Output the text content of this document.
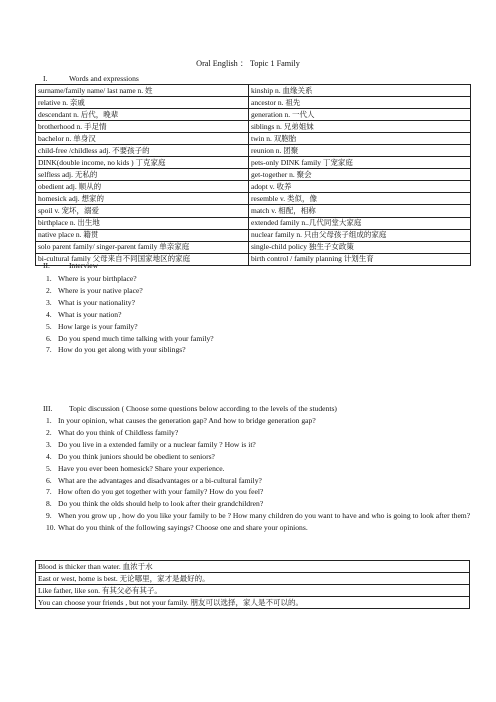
Oral English ： Topic 1 Family
I.	Words and expressions
surname/family name/ last name n. 姓	kinship n. 血缘关系
relative n. 亲戚	ancestor n. 祖先
descendant n. 后代，晚辈	generation n. 一代人
brotherhood n. 手足情	siblings n. 兄弟姐妹
bachelor n. 单身汉	twin n. 双胞胎
child-free /childless adj. 不要孩子的	reunion n. 团聚
DINK(double income, no kids ) 丁克家庭	pets-only DINK family 丁宠家庭
selfless adj. 无私的	get-together n. 聚会
obedient adj. 顺从的	adopt v. 收养
homesick adj. 想家的	resemble v. 类似，像
spoil v. 宠坏，溺爱	match v. 相配，相称
birthplace n. 出生地	extended family n..几代同堂大家庭
native place n. 籍贯	nuclear family n. 只由父母孩子组成的家庭
solo parent family/ singer-parent family 单亲家庭	single-child policy 独生子女政策
bi-cultural family 父母来自不同国家地区的家庭	birth control / family planning 计划生育
II.	Interview
1. Where is your birthplace?
2. Where is your native place?
3. What is your nationality?
4. What is your nation?
5. How large is your family?
6. Do you spend much time talking with your family?
7. How do you get along with your siblings?
III. Topic discussion ( Choose some questions below according to the levels of the students)
1. In your opinion, what causes the generation gap? And how to bridge generation gap?
2. What do you think of Childless family?
3. Do you live in a extended family or a nuclear family ? How is it?
4. Do you think juniors should be obedient to seniors?
5. Have you ever been homesick? Share your experience.
6. What are the advantages and disadvantages or a bi-cultural family?
7. How often do you get together with your family? How do you feel?
8. Do you think the olds should help to look after their grandchildren?
9. When you grow up , how do you like your family to be ? How many children do you want to have and who is going to look after them?
10. What do you think of the following sayings? Choose one and share your opinions.
Blood is thicker than water. 血浓于水
East or west, home is best. 无论哪里，家才是最好的。
Like father, like son. 有其父必有其子。
You can choose your friends , but not your family. 朋友可以选择，家人是不可以的。
